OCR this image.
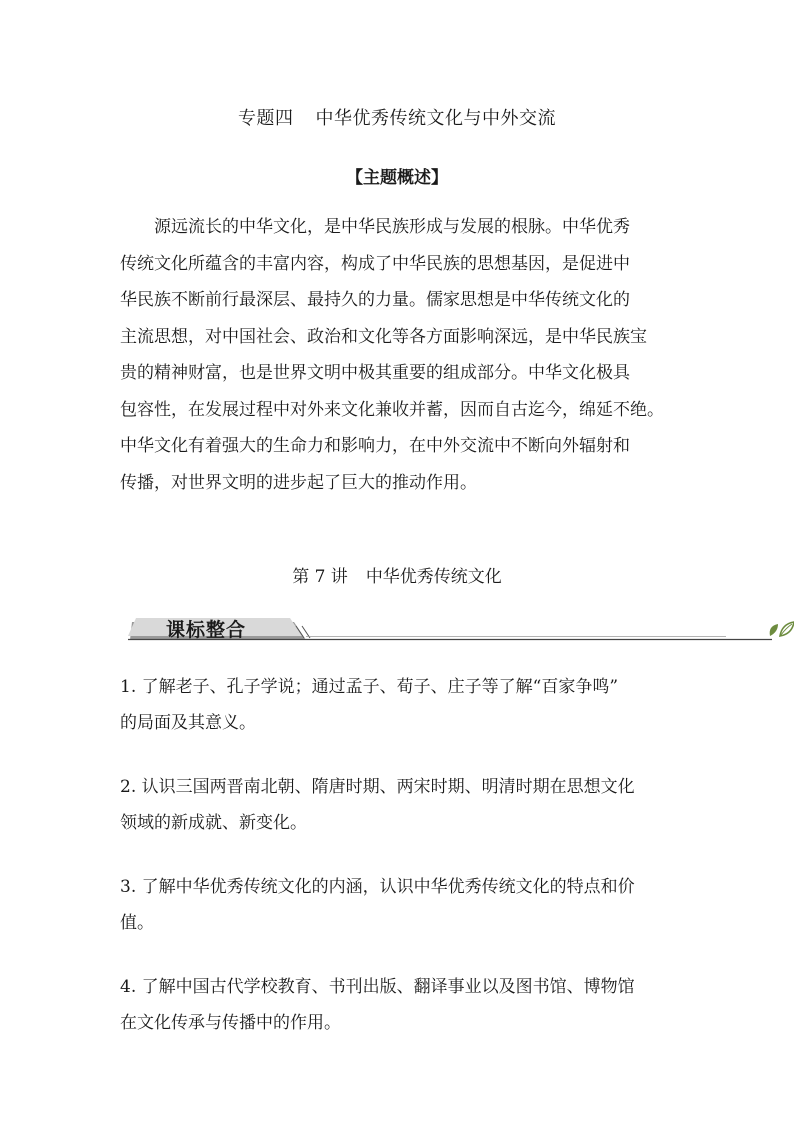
专题四 中华优秀传统文化与中外交流
【主题概述】
　　源远流长的中华文化，是中华民族形成与发展的根脉。中华优秀
传统文化所蕴含的丰富内容，构成了中华民族的思想基因，是促进中
华民族不断前行最深层、最持久的力量。儒家思想是中华传统文化的
主流思想，对中国社会、政治和文化等各方面影响深远，是中华民族宝
贵的精神财富，也是世界文明中极其重要的组成部分。中华文化极具
包容性，在发展过程中对外来文化兼收并蓄，因而自古迄今，绵延不绝。
中华文化有着强大的生命力和影响力，在中外交流中不断向外辐射和
传播，对世界文明的进步起了巨大的推动作用。
第 7 讲 中华优秀传统文化
课标整合
1. 了解老子、孔子学说；通过孟子、荀子、庄子等了解“百家争鸣”
的局面及其意义。
2. 认识三国两晋南北朝、隋唐时期、两宋时期、明清时期在思想文化
领域的新成就、新变化。
3. 了解中华优秀传统文化的内涵，认识中华优秀传统文化的特点和价
值。
4. 了解中国古代学校教育、书刊出版、翻译事业以及图书馆、博物馆
在文化传承与传播中的作用。
